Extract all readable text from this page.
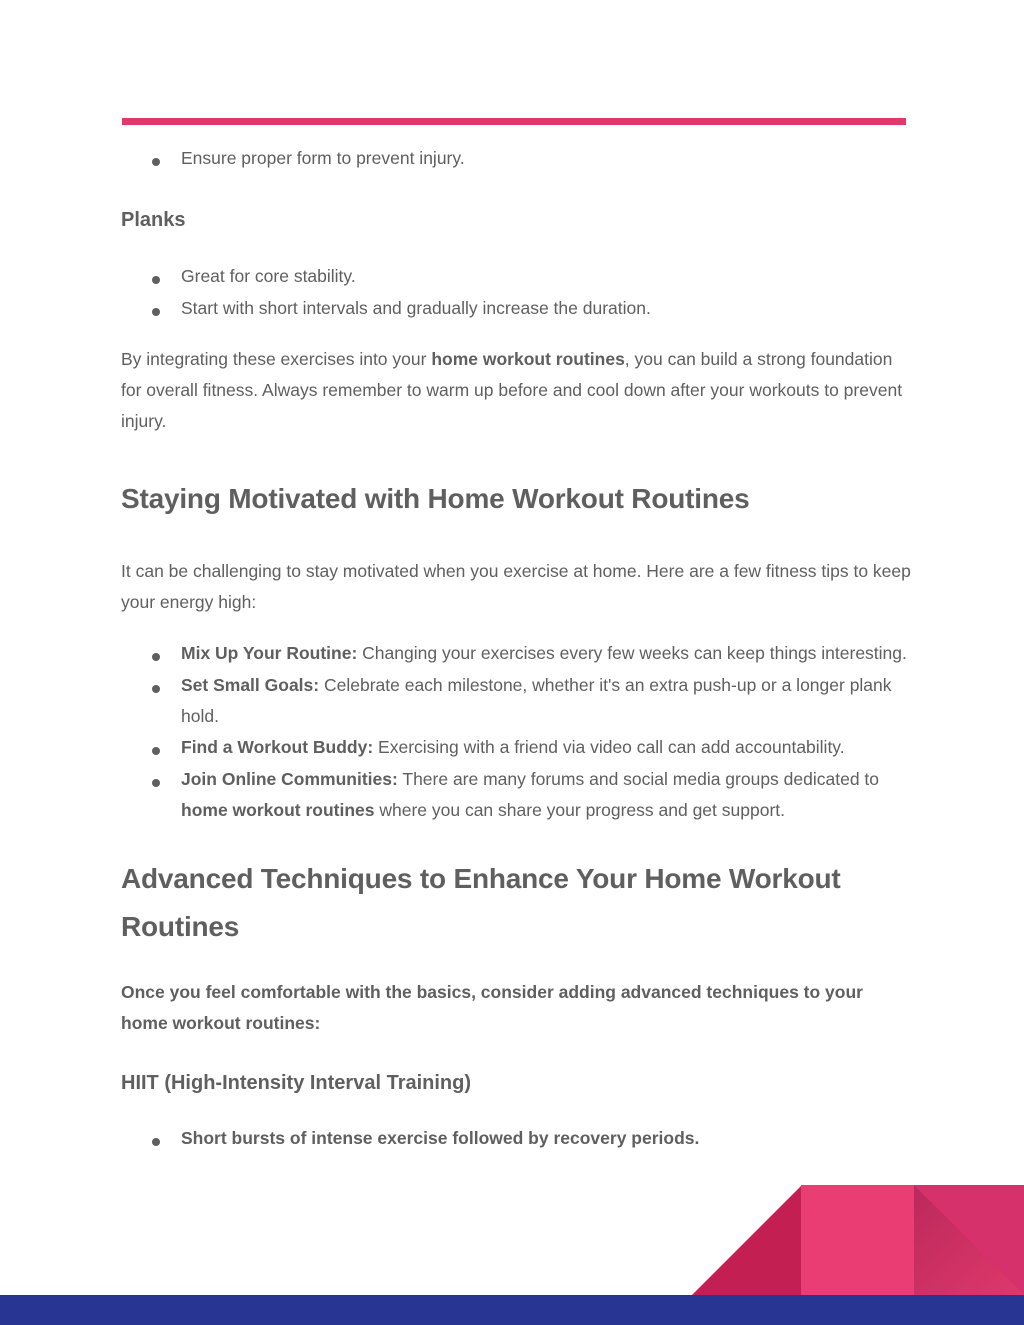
Ensure proper form to prevent injury.
Planks
Great for core stability.
Start with short intervals and gradually increase the duration.

By integrating these exercises into your home workout routines, you can build a strong foundation for overall fitness. Always remember to warm up before and cool down after your workouts to prevent injury.

Staying Motivated with Home Workout Routines

It can be challenging to stay motivated when you exercise at home. Here are a few fitness tips to keep your energy high:

Mix Up Your Routine: Changing your exercises every few weeks can keep things interesting.
Set Small Goals: Celebrate each milestone, whether it's an extra push-up or a longer plank hold.
Find a Workout Buddy: Exercising with a friend via video call can add accountability.
Join Online Communities: There are many forums and social media groups dedicated to home workout routines where you can share your progress and get support.
Advanced Techniques to Enhance Your Home Workout Routines

Once you feel comfortable with the basics, consider adding advanced techniques to your home workout routines:

HIIT (High-Intensity Interval Training)
Short bursts of intense exercise followed by recovery periods.
